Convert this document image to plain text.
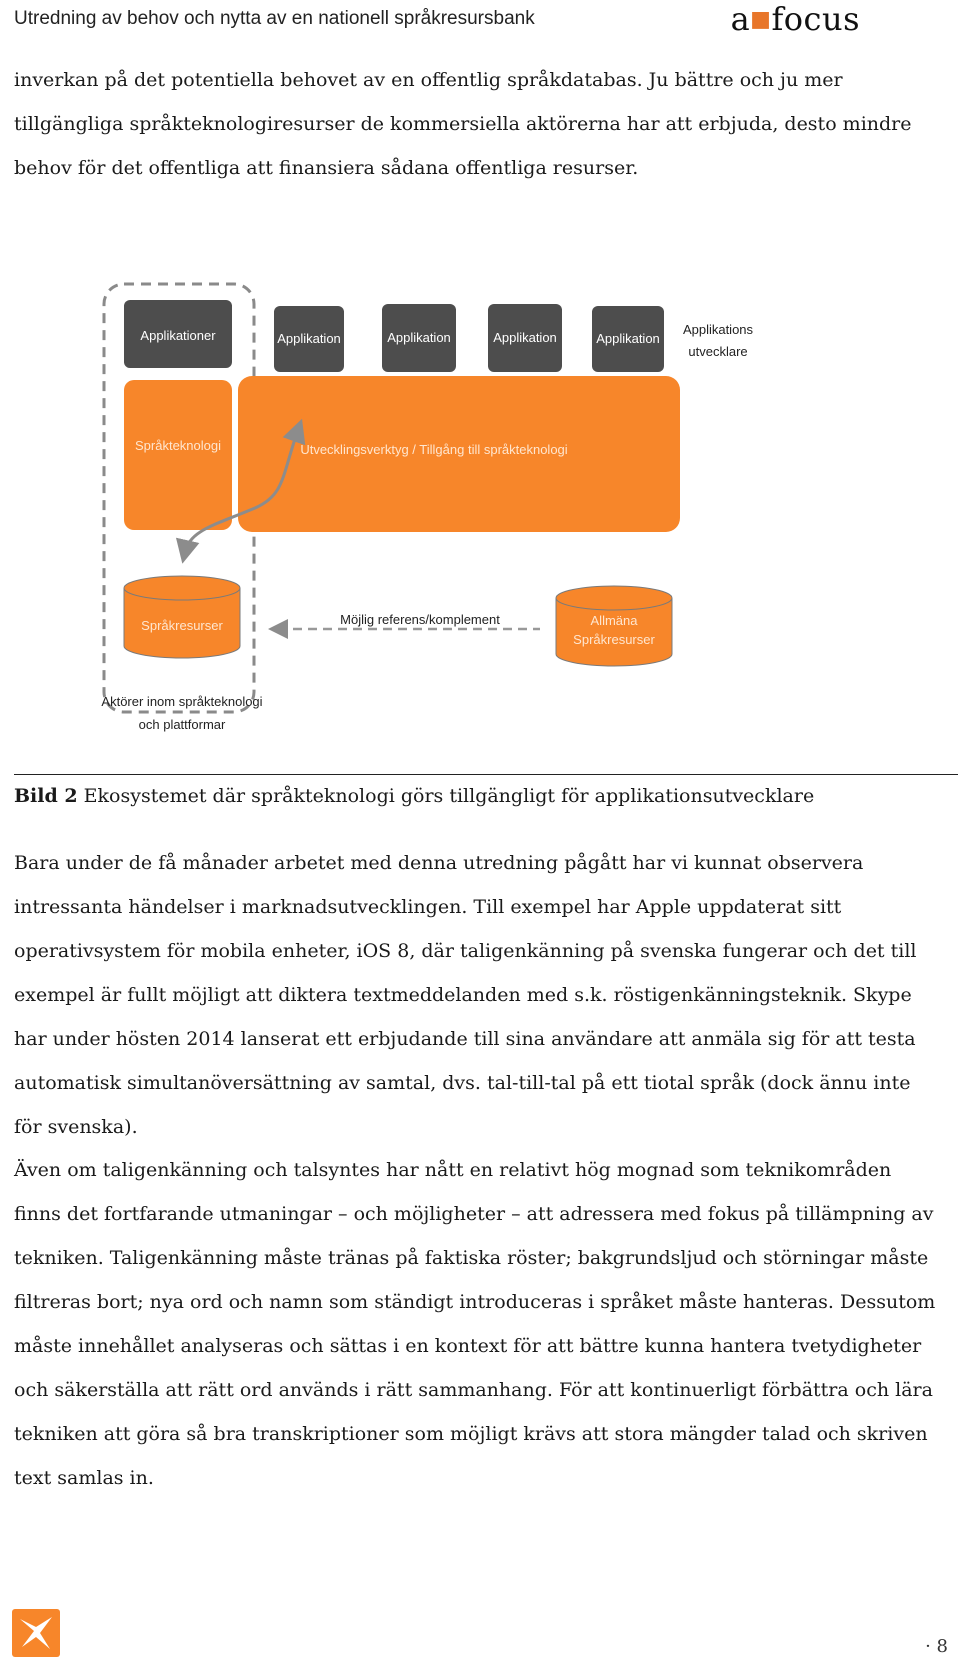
Utredning av behov och nytta av en nationell språkresursbank	a■focus

inverkan på det potentiella behovet av en offentlig språkdatabas. Ju bättre och ju mer tillgängliga språkteknologiresurser de kommersiella aktörerna har att erbjuda, desto mindre behov för det offentliga att finansiera sådana offentliga resurser.

Applikationer	Applikation	Applikation	Applikation	Applikation
Applikations
utvecklare
Språkteknologi	Utvecklingsverktyg / Tillgång till språkteknologi
Språkresurser	Möjlig referens/komplement	Allmäna
Språkresurser
Aktörer inom språkteknologi
och plattformar
Bild 2 Ekosystemet där språkteknologi görs tillgängligt för applikationsutvecklare

Bara under de få månader arbetet med denna utredning pågått har vi kunnat observera intressanta händelser i marknadsutvecklingen. Till exempel har Apple uppdaterat sitt operativsystem för mobila enheter, iOS 8, där taligenkänning på svenska fungerar och det till exempel är fullt möjligt att diktera textmeddelanden med s.k. röstigenkänningsteknik. Skype har under hösten 2014 lanserat ett erbjudande till sina användare att anmäla sig för att testa automatisk simultanöversättning av samtal, dvs. tal-till-tal på ett tiotal språk (dock ännu inte för svenska).

Även om taligenkänning och talsyntes har nått en relativt hög mognad som teknikområden finns det fortfarande utmaningar – och möjligheter – att adressera med fokus på tillämpning av tekniken. Taligenkänning måste tränas på faktiska röster; bakgrundsljud och störningar måste filtreras bort; nya ord och namn som ständigt introduceras i språket måste hanteras. Dessutom måste innehållet analyseras och sättas i en kontext för att bättre kunna hantera tvetydigheter och säkerställa att rätt ord används i rätt sammanhang. För att kontinuerligt förbättra och lära tekniken att göra så bra transkriptioner som möjligt krävs att stora mängder talad och skriven text samlas in.

· 8
